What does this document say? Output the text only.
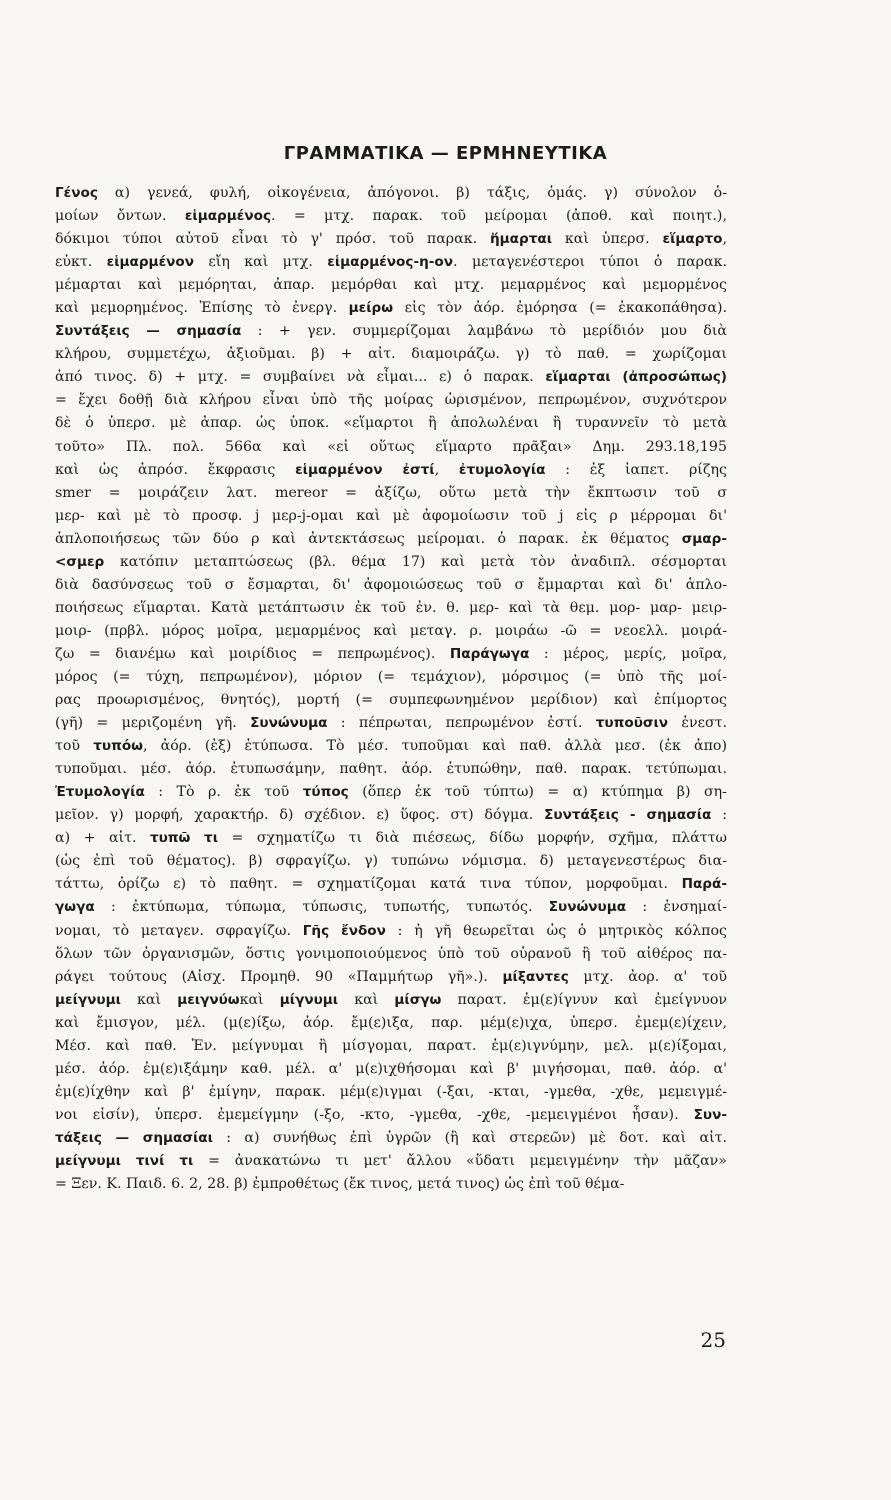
ΓΡΑΜΜΑΤΙΚΑ — ΕΡΜΗΝΕΥΤΙΚΑ
Γένος α) γενεά, φυλή, οἰκογένεια, ἀπόγονοι. β) τάξις, ὁμάς. γ) σύνολον ὁ-
μοίων ὄντων. εἱμαρμένος. = μτχ. παρακ. τοῦ μείρομαι (ἀποθ. καὶ ποιητ.),
δόκιμοι τύποι αὐτοῦ εἶναι τὸ γ' πρόσ. τοῦ παρακ. ἥμαρται καὶ ὑπερσ. εἵμαρτο,
εὐκτ. εἱμαρμένον εἴη καὶ μτχ. εἱμαρμένος-η-ον. μεταγενέστεροι τύποι ὁ παρακ.
μέμαρται καὶ μεμόρηται, ἀπαρ. μεμόρθαι καὶ μτχ. μεμαρμένος καὶ μεμορμένος
καὶ μεμορημένος. Ἐπίσης τὸ ἐνεργ. μείρω εἰς τὸν ἀόρ. ἐμόρησα (= ἐκακοπάθησα).
Συντάξεις — σημασία : + γεν. συμμερίζομαι λαμβάνω τὸ μερίδιόν μου διὰ
κλήρου, συμμετέχω, ἀξιοῦμαι. β) + αἰτ. διαμοιράζω. γ) τὸ παθ. = χωρίζομαι
ἀπό τινος. δ) + μτχ. = συμβαίνει νὰ εἶμαι... ε) ὁ παρακ. εἵμαρται (ἀπροσώπως)
= ἔχει δοθῇ διὰ κλήρου εἶναι ὑπὸ τῆς μοίρας ὡρισμένον, πεπρωμένον, συχνότερον
δὲ ὁ ὑπερσ. μὲ ἀπαρ. ὡς ὑποκ. «εἵμαρτοι ἢ ἀπολωλέναι ἢ τυραννεῖν τὸ μετὰ
τοῦτο» Πλ. πολ. 566α καὶ «εἰ οὕτως εἵμαρτο πρᾶξαι» Δημ. 293.18,195
καὶ ὡς ἀπρόσ. ἔκφρασις εἱμαρμένον ἐστί, ἐτυμολογία : ἐξ ἰαπετ. ρίζης
smer = μοιράζειν λατ. mereor = ἀξίζω, οὕτω μετὰ τὴν ἔκπτωσιν τοῦ σ
μερ- καὶ μὲ τὸ προσφ. j μερ-j-ομαι καὶ μὲ ἀφομοίωσιν τοῦ j εἰς ρ μέρρομαι δι'
ἁπλοποιήσεως τῶν δύο ρ καὶ ἀντεκτάσεως μείρομαι. ὁ παρακ. ἐκ θέματος σμαρ-
<σμερ κατόπιν μεταπτώσεως (βλ. θέμα 17) καὶ μετὰ τὸν ἀναδιπλ. σέσμορται
διὰ δασύνσεως τοῦ σ ἔσμαρται, δι' ἀφομοιώσεως τοῦ σ ἔμμαρται καὶ δι' ἁπλο-
ποιήσεως εἵμαρται. Κατὰ μετάπτωσιν ἐκ τοῦ ἐν. θ. μερ- καὶ τὰ θεμ. μορ- μαρ- μειρ-
μοιρ- (πρβλ. μόρος μοῖρα, μεμαρμένος καὶ μεταγ. ρ. μοιράω -ῶ = νεοελλ. μοιρά-
ζω = διανέμω καὶ μοιρίδιος = πεπρωμένος). Παράγωγα : μέρος, μερίς, μοῖρα,
μόρος (= τύχη, πεπρωμένον), μόριον (= τεμάχιον), μόρσιμος (= ὑπὸ τῆς μοί-
ρας προωρισμένος, θνητός), μορτή (= συμπεφωνημένον μερίδιον) καὶ ἐπίμορτος
(γῆ) = μεριζομένη γῆ. Συνώνυμα : πέπρωται, πεπρωμένον ἐστί. τυποῦσιν ἐνεστ.
τοῦ τυπόω, ἀόρ. (ἐξ) ἐτύπωσα. Τὸ μέσ. τυποῦμαι καὶ παθ. ἀλλὰ μεσ. (ἐκ ἀπο)
τυποῦμαι. μέσ. ἀόρ. ἐτυπωσάμην, παθητ. ἀόρ. ἐτυπώθην, παθ. παρακ. τετύπωμαι.
Ἐτυμολογία : Τὸ ρ. ἐκ τοῦ τύπος (ὅπερ ἐκ τοῦ τύπτω) = α) κτύπημα β) ση-
μεῖον. γ) μορφή, χαρακτήρ. δ) σχέδιον. ε) ὕφος. στ) δόγμα. Συντάξεις - σημασία :
α) + αἰτ. τυπῶ τι = σχηματίζω τι διὰ πιέσεως, δίδω μορφήν, σχῆμα, πλάττω
(ὡς ἐπὶ τοῦ θέματος). β) σφραγίζω. γ) τυπώνω νόμισμα. δ) μεταγενεστέρως δια-
τάττω, ὁρίζω ε) τὸ παθητ. = σχηματίζομαι κατά τινα τύπον, μορφοῦμαι. Παρά-
γωγα : ἐκτύπωμα, τύπωμα, τύπωσις, τυπωτής, τυπωτός. Συνώνυμα : ἐνσημαί-
νομαι, τὸ μεταγεν. σφραγίζω. Γῆς ἔνδον : ἡ γῆ θεωρεῖται ὡς ὁ μητρικὸς κόλπος
ὅλων τῶν ὀργανισμῶν, ὅστις γονιμοποιούμενος ὑπὸ τοῦ οὐρανοῦ ἢ τοῦ αἰθέρος πα-
ράγει τούτους (Αἰσχ. Προμηθ. 90 «Παμμήτωρ γῆ».). μίξαντες μτχ. ἀορ. α' τοῦ
μείγνυμι καὶ μειγνύωκαὶ μίγνυμι καὶ μίσγω παρατ. ἐμ(ε)ίγνυν καὶ ἐμείγνυον
καὶ ἔμισγον, μέλ. (μ(ε)ίξω, ἀόρ. ἔμ(ε)ιξα, παρ. μέμ(ε)ιχα, ὑπερσ. ἐμεμ(ε)ίχειν,
Μέσ. καὶ παθ. Ἐν. μείγνυμαι ἢ μίσγομαι, παρατ. ἐμ(ε)ιγνύμην, μελ. μ(ε)ίξομαι,
μέσ. ἀόρ. ἐμ(ε)ιξάμην καθ. μέλ. α' μ(ε)ιχθήσομαι καὶ β' μιγήσομαι, παθ. ἀόρ. α'
ἐμ(ε)ίχθην καὶ β' ἐμίγην, παρακ. μέμ(ε)ιγμαι (-ξαι, -κται, -γμεθα, -χθε, μεμειγμέ-
νοι εἰσίν), ὑπερσ. ἐμεμείγμην (-ξο, -κτο, -γμεθα, -χθε, -μεμειγμένοι ἦσαν). Συν-
τάξεις — σημασίαι : α) συνήθως ἐπὶ ὑγρῶν (ἢ καὶ στερεῶν) μὲ δοτ. καὶ αἰτ.
μείγνυμι τινί τι = ἀνακατώνω τι μετ' ἄλλου «ὕδατι μεμειγμένην τὴν μᾶζαν»
= Ξεν. Κ. Παιδ. 6. 2, 28. β) ἐμπροθέτως (ἔκ τινος, μετά τινος) ὡς ἐπὶ τοῦ θέμα-
25
